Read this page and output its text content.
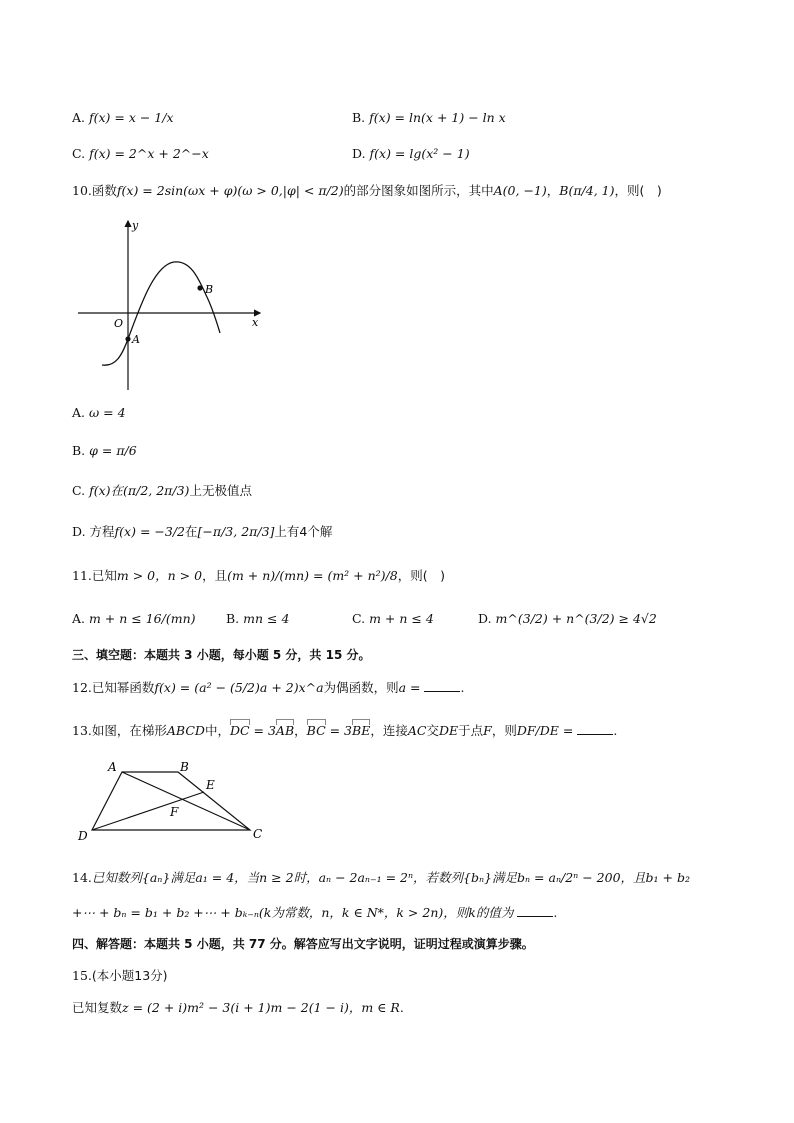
A. f(x) = x − 1/x	B. f(x) = ln(x + 1) − ln x
C. f(x) = 2^x + 2^−x	D. f(x) = lg(x² − 1)
10.函数f(x) = 2sin(ωx + φ)(ω > 0,|φ| < π/2)的部分图象如图所示，其中A(0, −1)，B(π/4, 1)，则(　)
y
x
O
A
B
A. ω = 4
B. φ = π/6
C. f(x)在(π/2, 2π/3)上无极值点
D. 方程f(x) = −3/2在[−π/3, 2π/3]上有4个解
11.已知m > 0，n > 0，且(m + n)/(mn) = (m² + n²)/8，则(　)
A. m + n ≤ 16/(mn) B. mn ≤ 4	C. m + n ≤ 4	D. m^(3/2) + n^(3/2) ≥ 4√2
三、填空题：本题共 3 小题，每小题 5 分，共 15 分。
12.已知幂函数f(x) = (a² − (5/2)a + 2)x^a为偶函数，则a =	.
13.如图，在梯形ABCD中，
DC = 3
AB，
BC = 3
BE，连接AC交DE于点F，则DF/DE =	.
A	B
E
F
D	C
14.已知数列{aₙ}满足a₁ = 4，当n ≥ 2时，aₙ − 2aₙ₋₁ = 2ⁿ，若数列{bₙ}满足bₙ = aₙ/2ⁿ − 200，且b₁ + b₂
+⋯ + bₙ = b₁ + b₂ +⋯ + bₖ₋ₙ(k为常数，n，k ∈ N*，k > 2n)，则k的值为	.
四、解答题：本题共 5 小题，共 77 分。解答应写出文字说明，证明过程或演算步骤。
15.(本小题13分)
已知复数z = (2 + i)m² − 3(i + 1)m − 2(1 − i)，m ∈ R.
